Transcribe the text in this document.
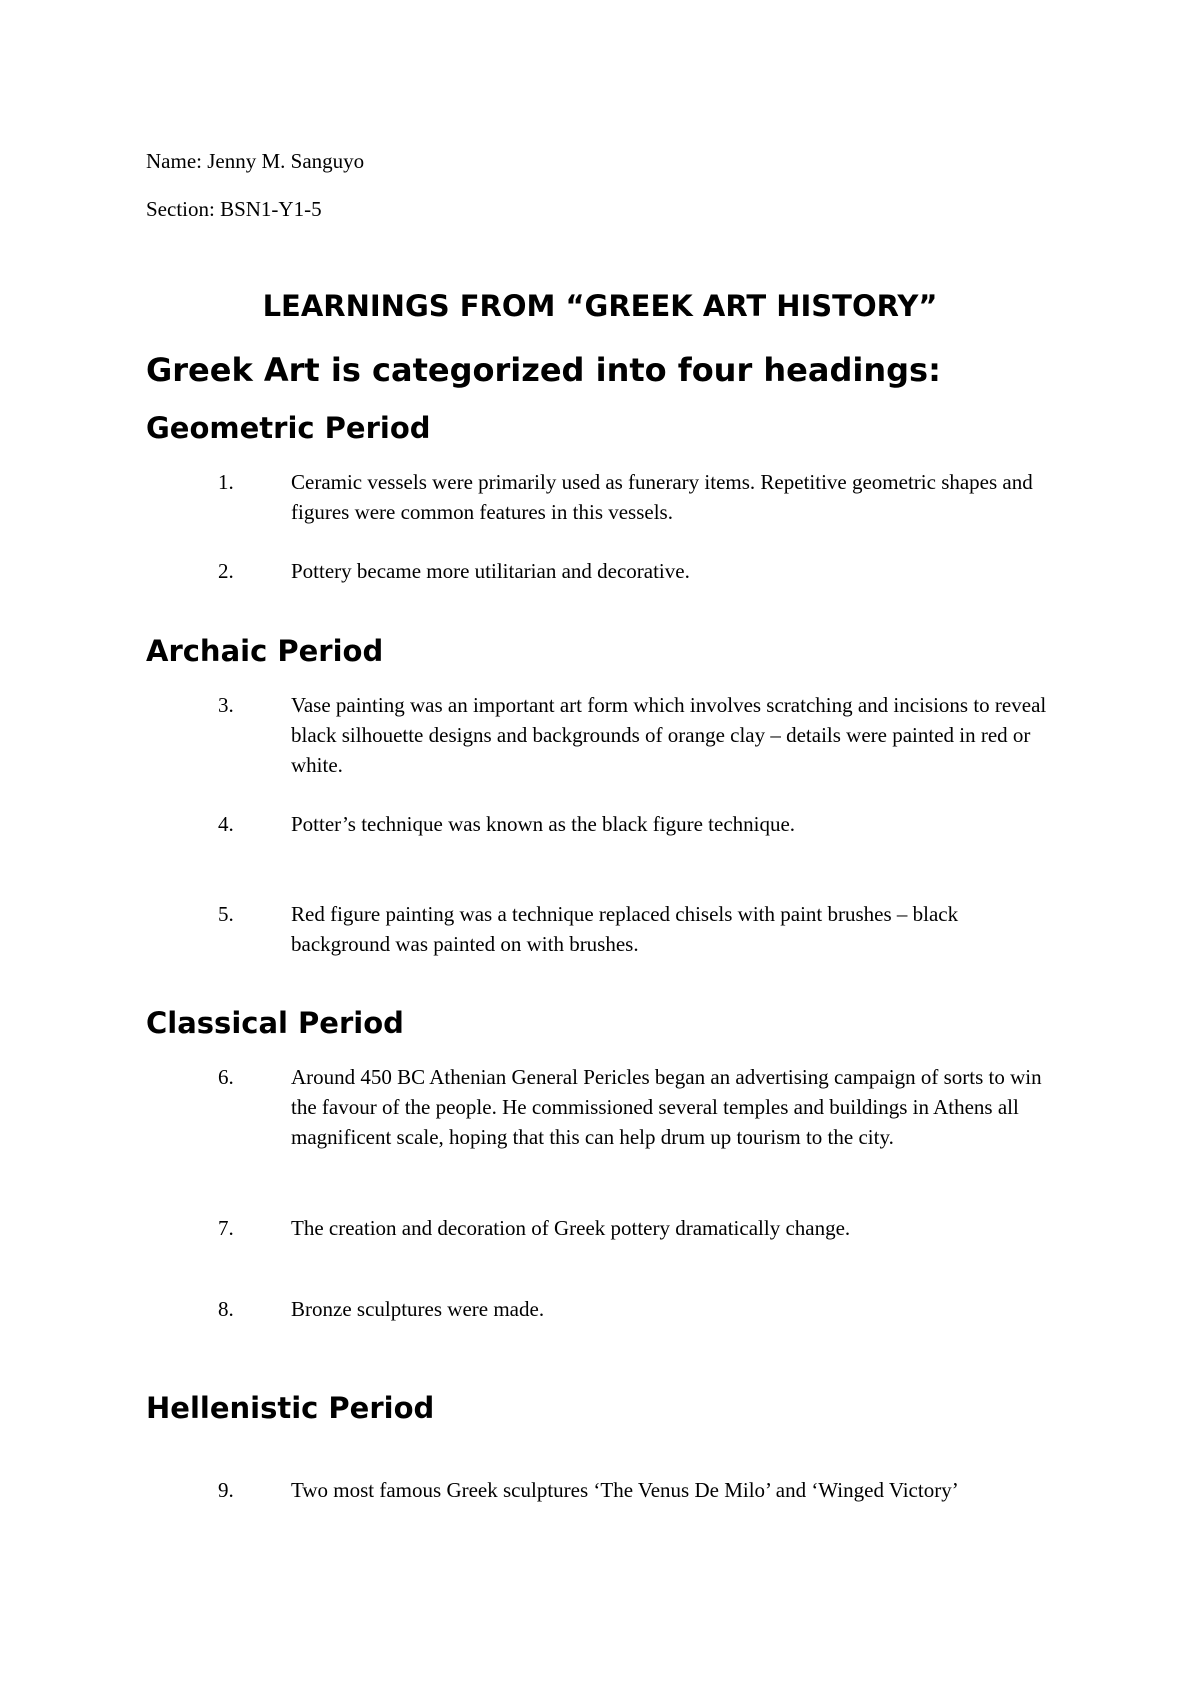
Name: Jenny M. Sanguyo
Section: BSN1-Y1-5
LEARNINGS FROM “GREEK ART HISTORY”
Greek Art is categorized into four headings:
Geometric Period
1.	Ceramic vessels were primarily used as funerary items. Repetitive geometric shapes and figures were common features in this vessels.
2.	Pottery became more utilitarian and decorative.
Archaic Period
3.	Vase painting was an important art form which involves scratching and incisions to reveal black silhouette designs and backgrounds of orange clay – details were painted in red or white.
4.	Potter’s technique was known as the black figure technique.
5.	Red figure painting was a technique replaced chisels with paint brushes – black background was painted on with brushes.
Classical Period
6.	Around 450 BC Athenian General Pericles began an advertising campaign of sorts to win the favour of the people. He commissioned several temples and buildings in Athens all magnificent scale, hoping that this can help drum up tourism to the city.
7.	The creation and decoration of Greek pottery dramatically change.
8.	Bronze sculptures were made.
Hellenistic Period
9.	Two most famous Greek sculptures ‘The Venus De Milo’ and ‘Winged Victory’
